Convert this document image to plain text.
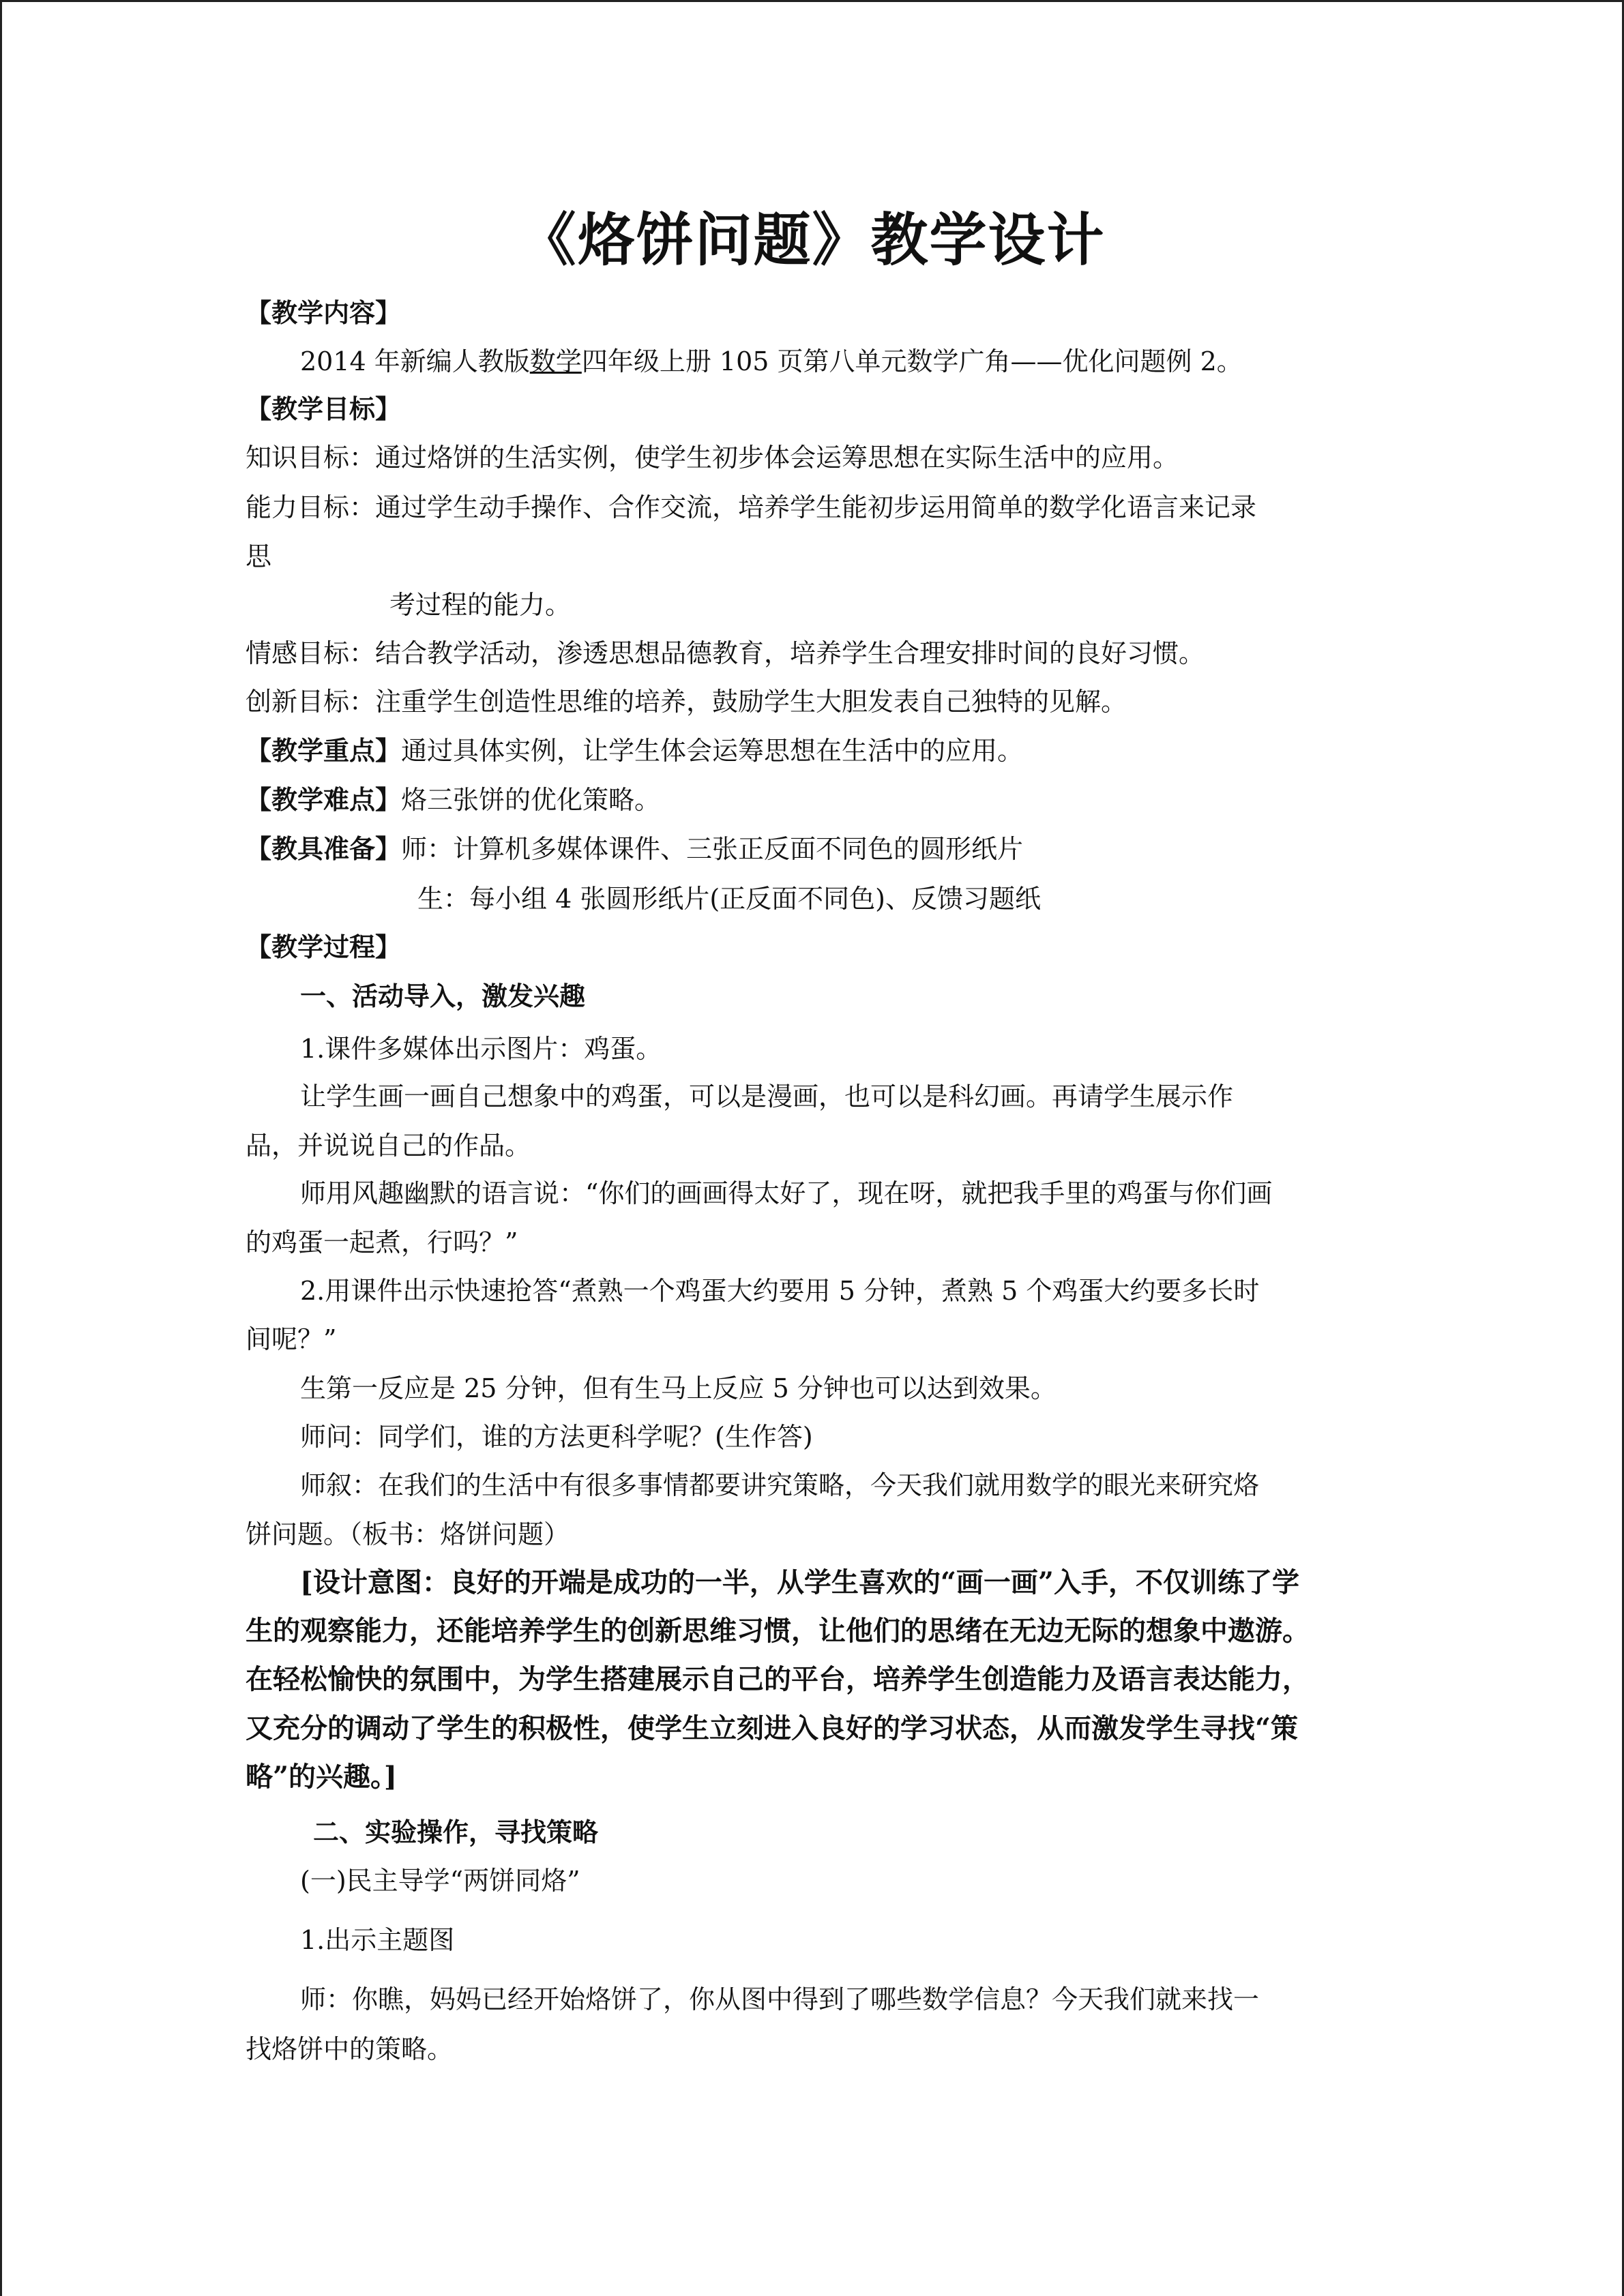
《烙饼问题》教学设计
【教学内容】
2014 年新编人教版数学四年级上册 105 页第八单元数学广角——优化问题例 2。
【教学目标】
知识目标：通过烙饼的生活实例，使学生初步体会运筹思想在实际生活中的应用。
能力目标：通过学生动手操作、合作交流，培养学生能初步运用简单的数学化语言来记录
思
考过程的能力。
情感目标：结合教学活动，渗透思想品德教育，培养学生合理安排时间的良好习惯。
创新目标：注重学生创造性思维的培养，鼓励学生大胆发表自己独特的见解。
【教学重点】通过具体实例，让学生体会运筹思想在生活中的应用。
【教学难点】烙三张饼的优化策略。
【教具准备】师：计算机多媒体课件、三张正反面不同色的圆形纸片
生：每小组 4 张圆形纸片(正反面不同色)、反馈习题纸
【教学过程】
一、活动导入，激发兴趣
1.课件多媒体出示图片：鸡蛋。
让学生画一画自己想象中的鸡蛋，可以是漫画，也可以是科幻画。再请学生展示作
品，并说说自己的作品。
师用风趣幽默的语言说：“你们的画画得太好了，现在呀，就把我手里的鸡蛋与你们画
的鸡蛋一起煮，行吗？”
2.用课件出示快速抢答“煮熟一个鸡蛋大约要用 5 分钟，煮熟 5 个鸡蛋大约要多长时
间呢？”
生第一反应是 25 分钟，但有生马上反应 5 分钟也可以达到效果。
师问：同学们，谁的方法更科学呢？(生作答)
师叙：在我们的生活中有很多事情都要讲究策略，今天我们就用数学的眼光来研究烙
饼问题。（板书：烙饼问题）
[设计意图：良好的开端是成功的一半，从学生喜欢的“画一画”入手，不仅训练了学
生的观察能力，还能培养学生的创新思维习惯，让他们的思绪在无边无际的想象中遨游。
在轻松愉快的氛围中，为学生搭建展示自己的平台，培养学生创造能力及语言表达能力，
又充分的调动了学生的积极性，使学生立刻进入良好的学习状态，从而激发学生寻找“策
略”的兴趣。]
二、实验操作，寻找策略
(一)民主导学“两饼同烙”
1.出示主题图
师：你瞧，妈妈已经开始烙饼了，你从图中得到了哪些数学信息？今天我们就来找一
找烙饼中的策略。
